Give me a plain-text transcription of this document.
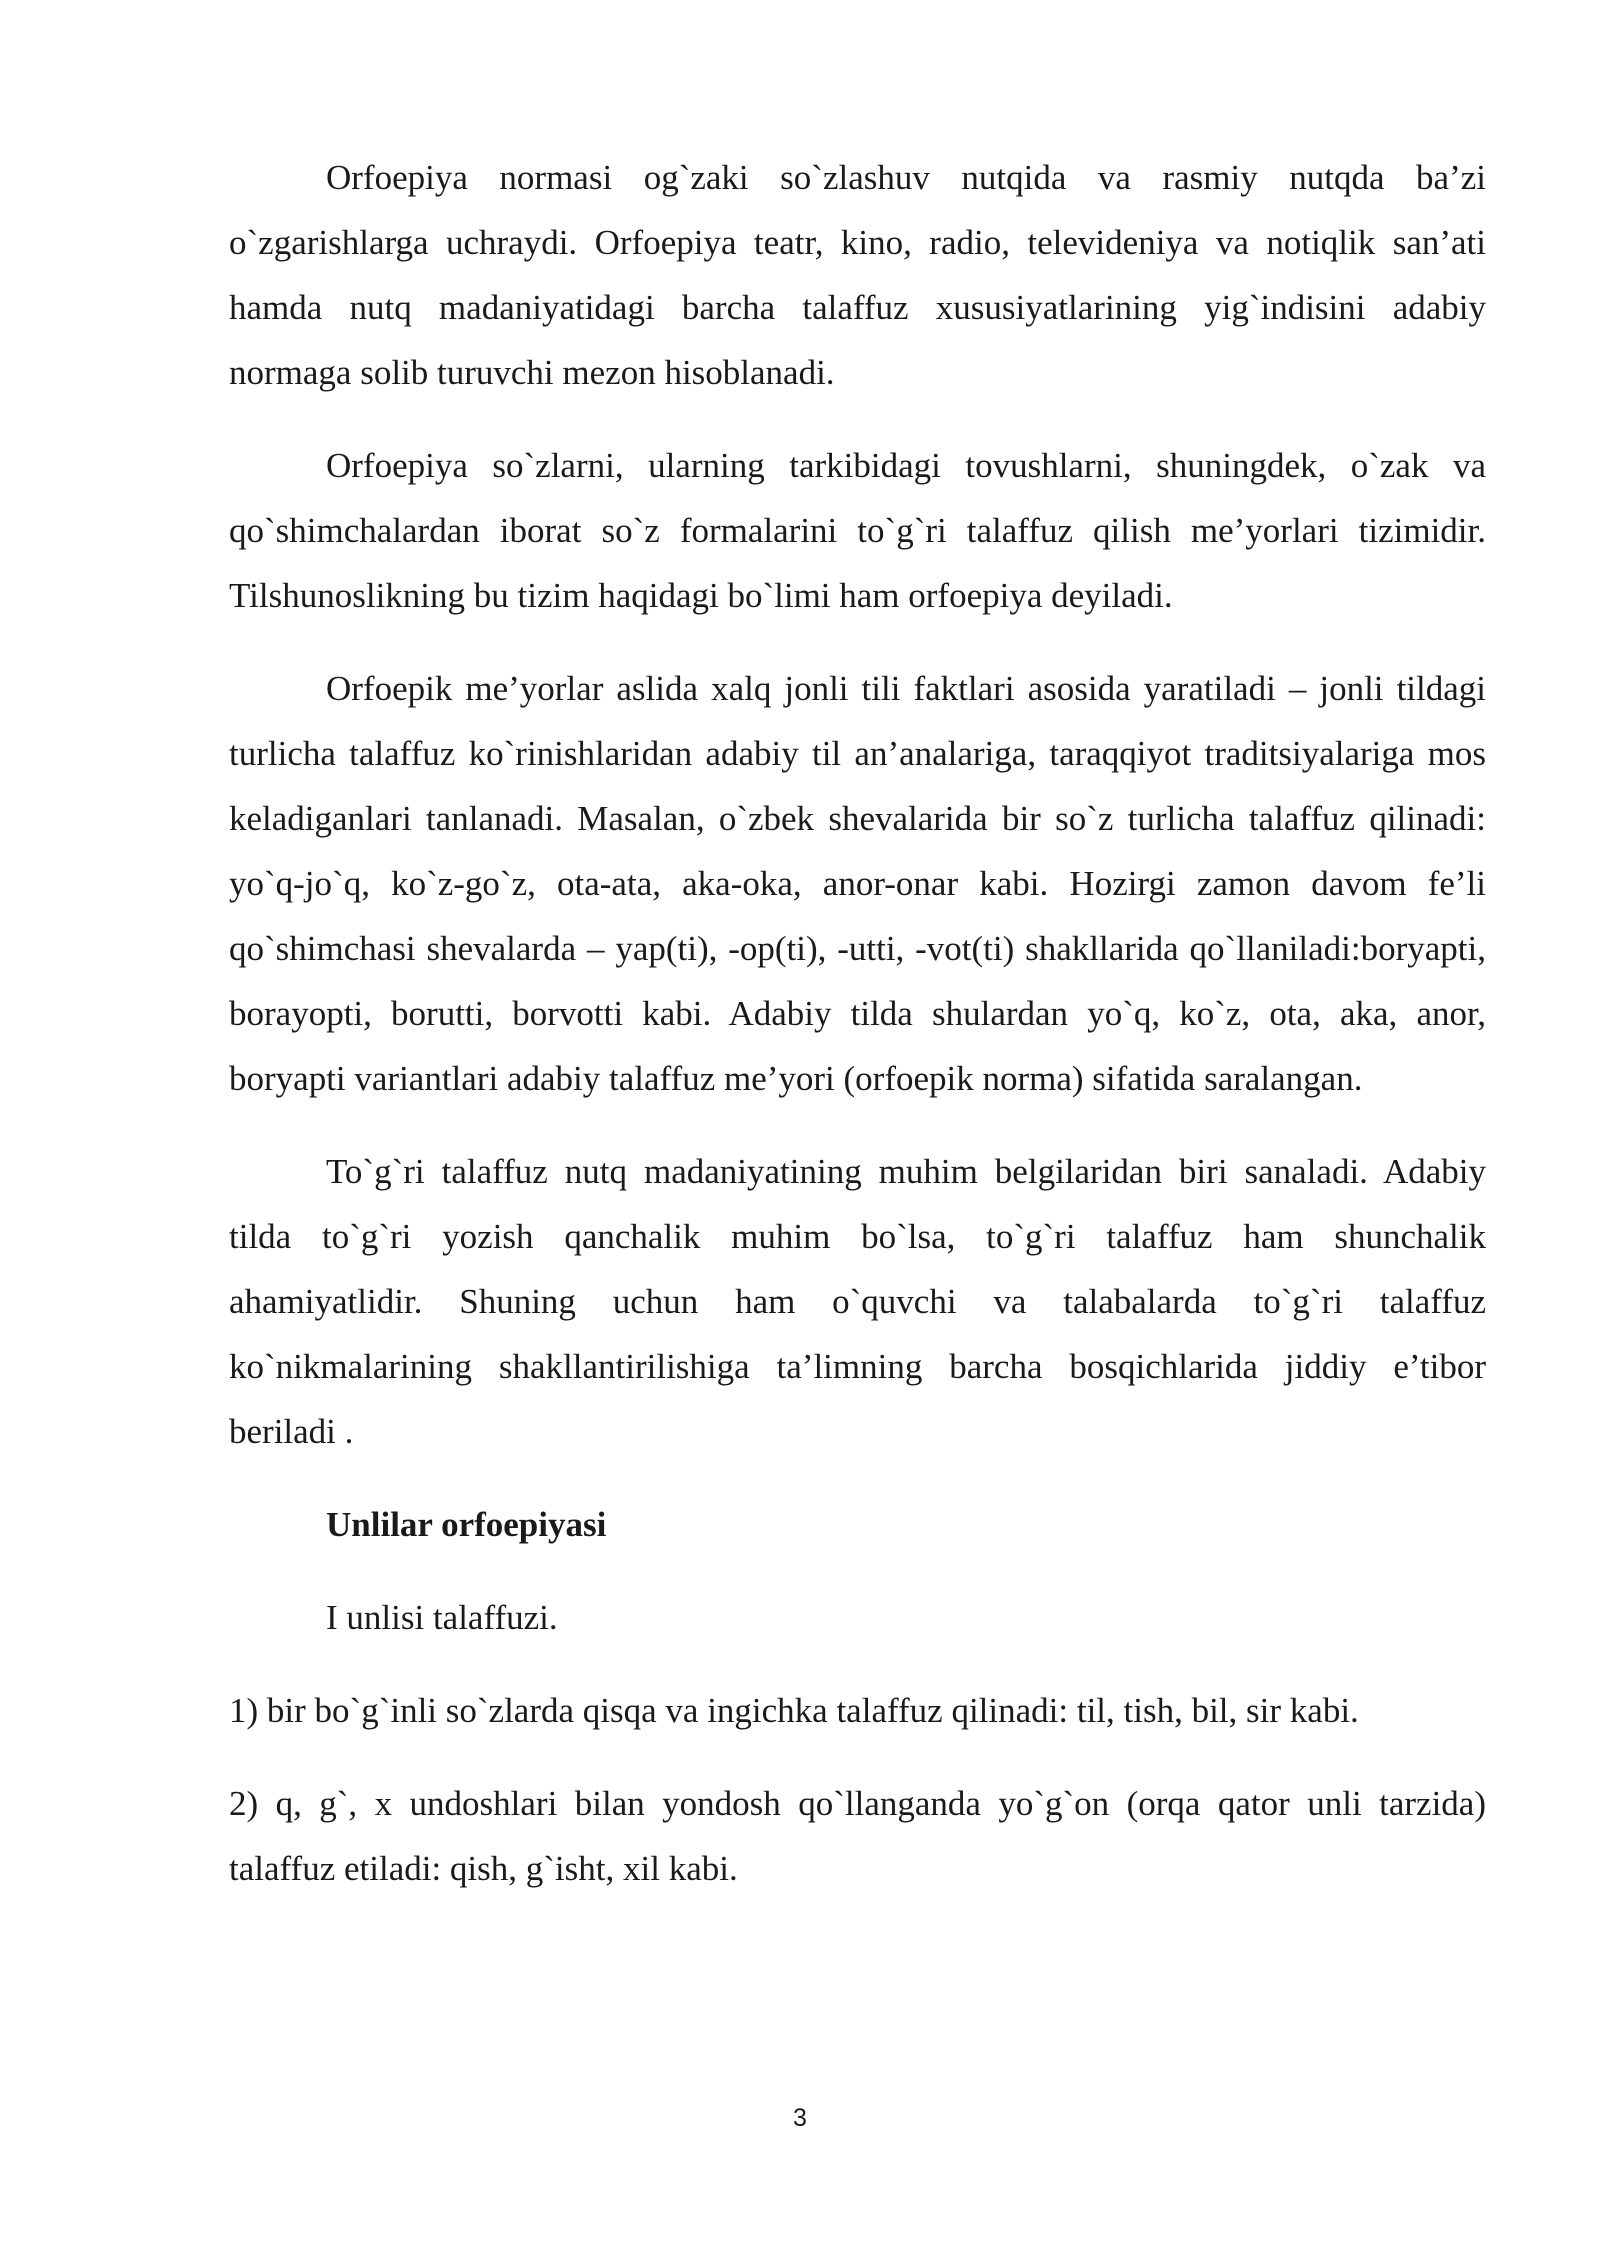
Orfoepiya normasi og`zaki so`zlashuv nutqida va rasmiy nutqda ba’zi o`zgarishlarga uchraydi. Orfoepiya teatr, kino, radio, televideniya va notiqlik san’ati hamda nutq madaniyatidagi barcha talaffuz xususiyatlarining yig`indisini adabiy normaga solib turuvchi mezon hisoblanadi.

Orfoepiya so`zlarni, ularning tarkibidagi tovushlarni, shuningdek, o`zak va qo`shimchalardan iborat so`z formalarini to`g`ri talaffuz qilish me’yorlari tizimidir. Tilshunoslikning bu tizim haqidagi bo`limi ham orfoepiya deyiladi.

Orfoepik me’yorlar aslida xalq jonli tili faktlari asosida yaratiladi – jonli tildagi turlicha talaffuz ko`rinishlaridan adabiy til an’analariga, taraqqiyot traditsiyalariga mos keladiganlari tanlanadi. Masalan, o`zbek shevalarida bir so`z turlicha talaffuz qilinadi: yo`q-jo`q, ko`z-go`z, ota-ata, aka-oka, anor-onar kabi. Hozirgi zamon davom fe’li qo`shimchasi shevalarda – yap(ti), -op(ti), -utti, -vot(ti) shakllarida qo`llaniladi:boryapti, borayopti, borutti, borvotti kabi. Adabiy tilda shulardan yo`q, ko`z, ota, aka, anor, boryapti variantlari adabiy talaffuz me’yori (orfoepik norma) sifatida saralangan.

To`g`ri talaffuz nutq madaniyatining muhim belgilaridan biri sanaladi. Adabiy tilda to`g`ri yozish qanchalik muhim bo`lsa, to`g`ri talaffuz ham shunchalik ahamiyatlidir. Shuning uchun ham o`quvchi va talabalarda to`g`ri talaffuz ko`nikmalarining shakllantirilishiga ta’limning barcha bosqichlarida jiddiy e’tibor beriladi .

Unlilar orfoepiyasi

I unlisi talaffuzi.

1) bir bo`g`inli so`zlarda qisqa va ingichka talaffuz qilinadi: til, tish, bil, sir kabi.

2) q, g`, x undoshlari bilan yondosh qo`llanganda yo`g`on (orqa qator unli tarzida) talaffuz etiladi: qish, g`isht, xil kabi.

3
